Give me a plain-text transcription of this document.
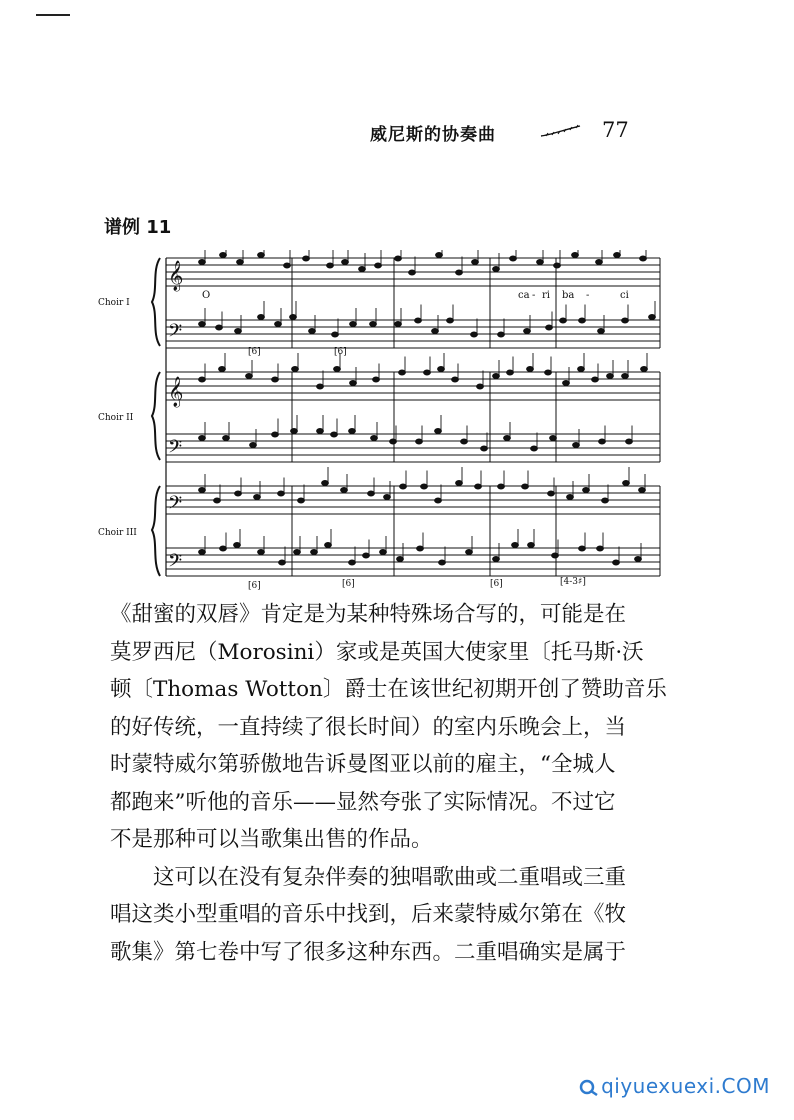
威尼斯的协奏曲	77
谱例 11
Choir I
Choir II
Choir III
O	ca - ri ba -	ci
[6]	[6]
[6]	[6]	[6]	[4-3♯]
𝄞
𝄢
𝄞
𝄢
𝄢
𝄢

《甜蜜的双唇》肯定是为某种特殊场合写的，可能是在
莫罗西尼（Morosini）家或是英国大使家里〔托马斯·沃
顿〔Thomas Wotton〕爵士在该世纪初期开创了赞助音乐
的好传统，一直持续了很长时间）的室内乐晚会上，当
时蒙特威尔第骄傲地告诉曼图亚以前的雇主，“全城人
都跑来”听他的音乐——显然夸张了实际情况。不过它
不是那种可以当歌集出售的作品。

这可以在没有复杂伴奏的独唱歌曲或二重唱或三重
唱这类小型重唱的音乐中找到，后来蒙特威尔第在《牧
歌集》第七卷中写了很多这种东西。二重唱确实是属于

qiyuexuexi.COM
